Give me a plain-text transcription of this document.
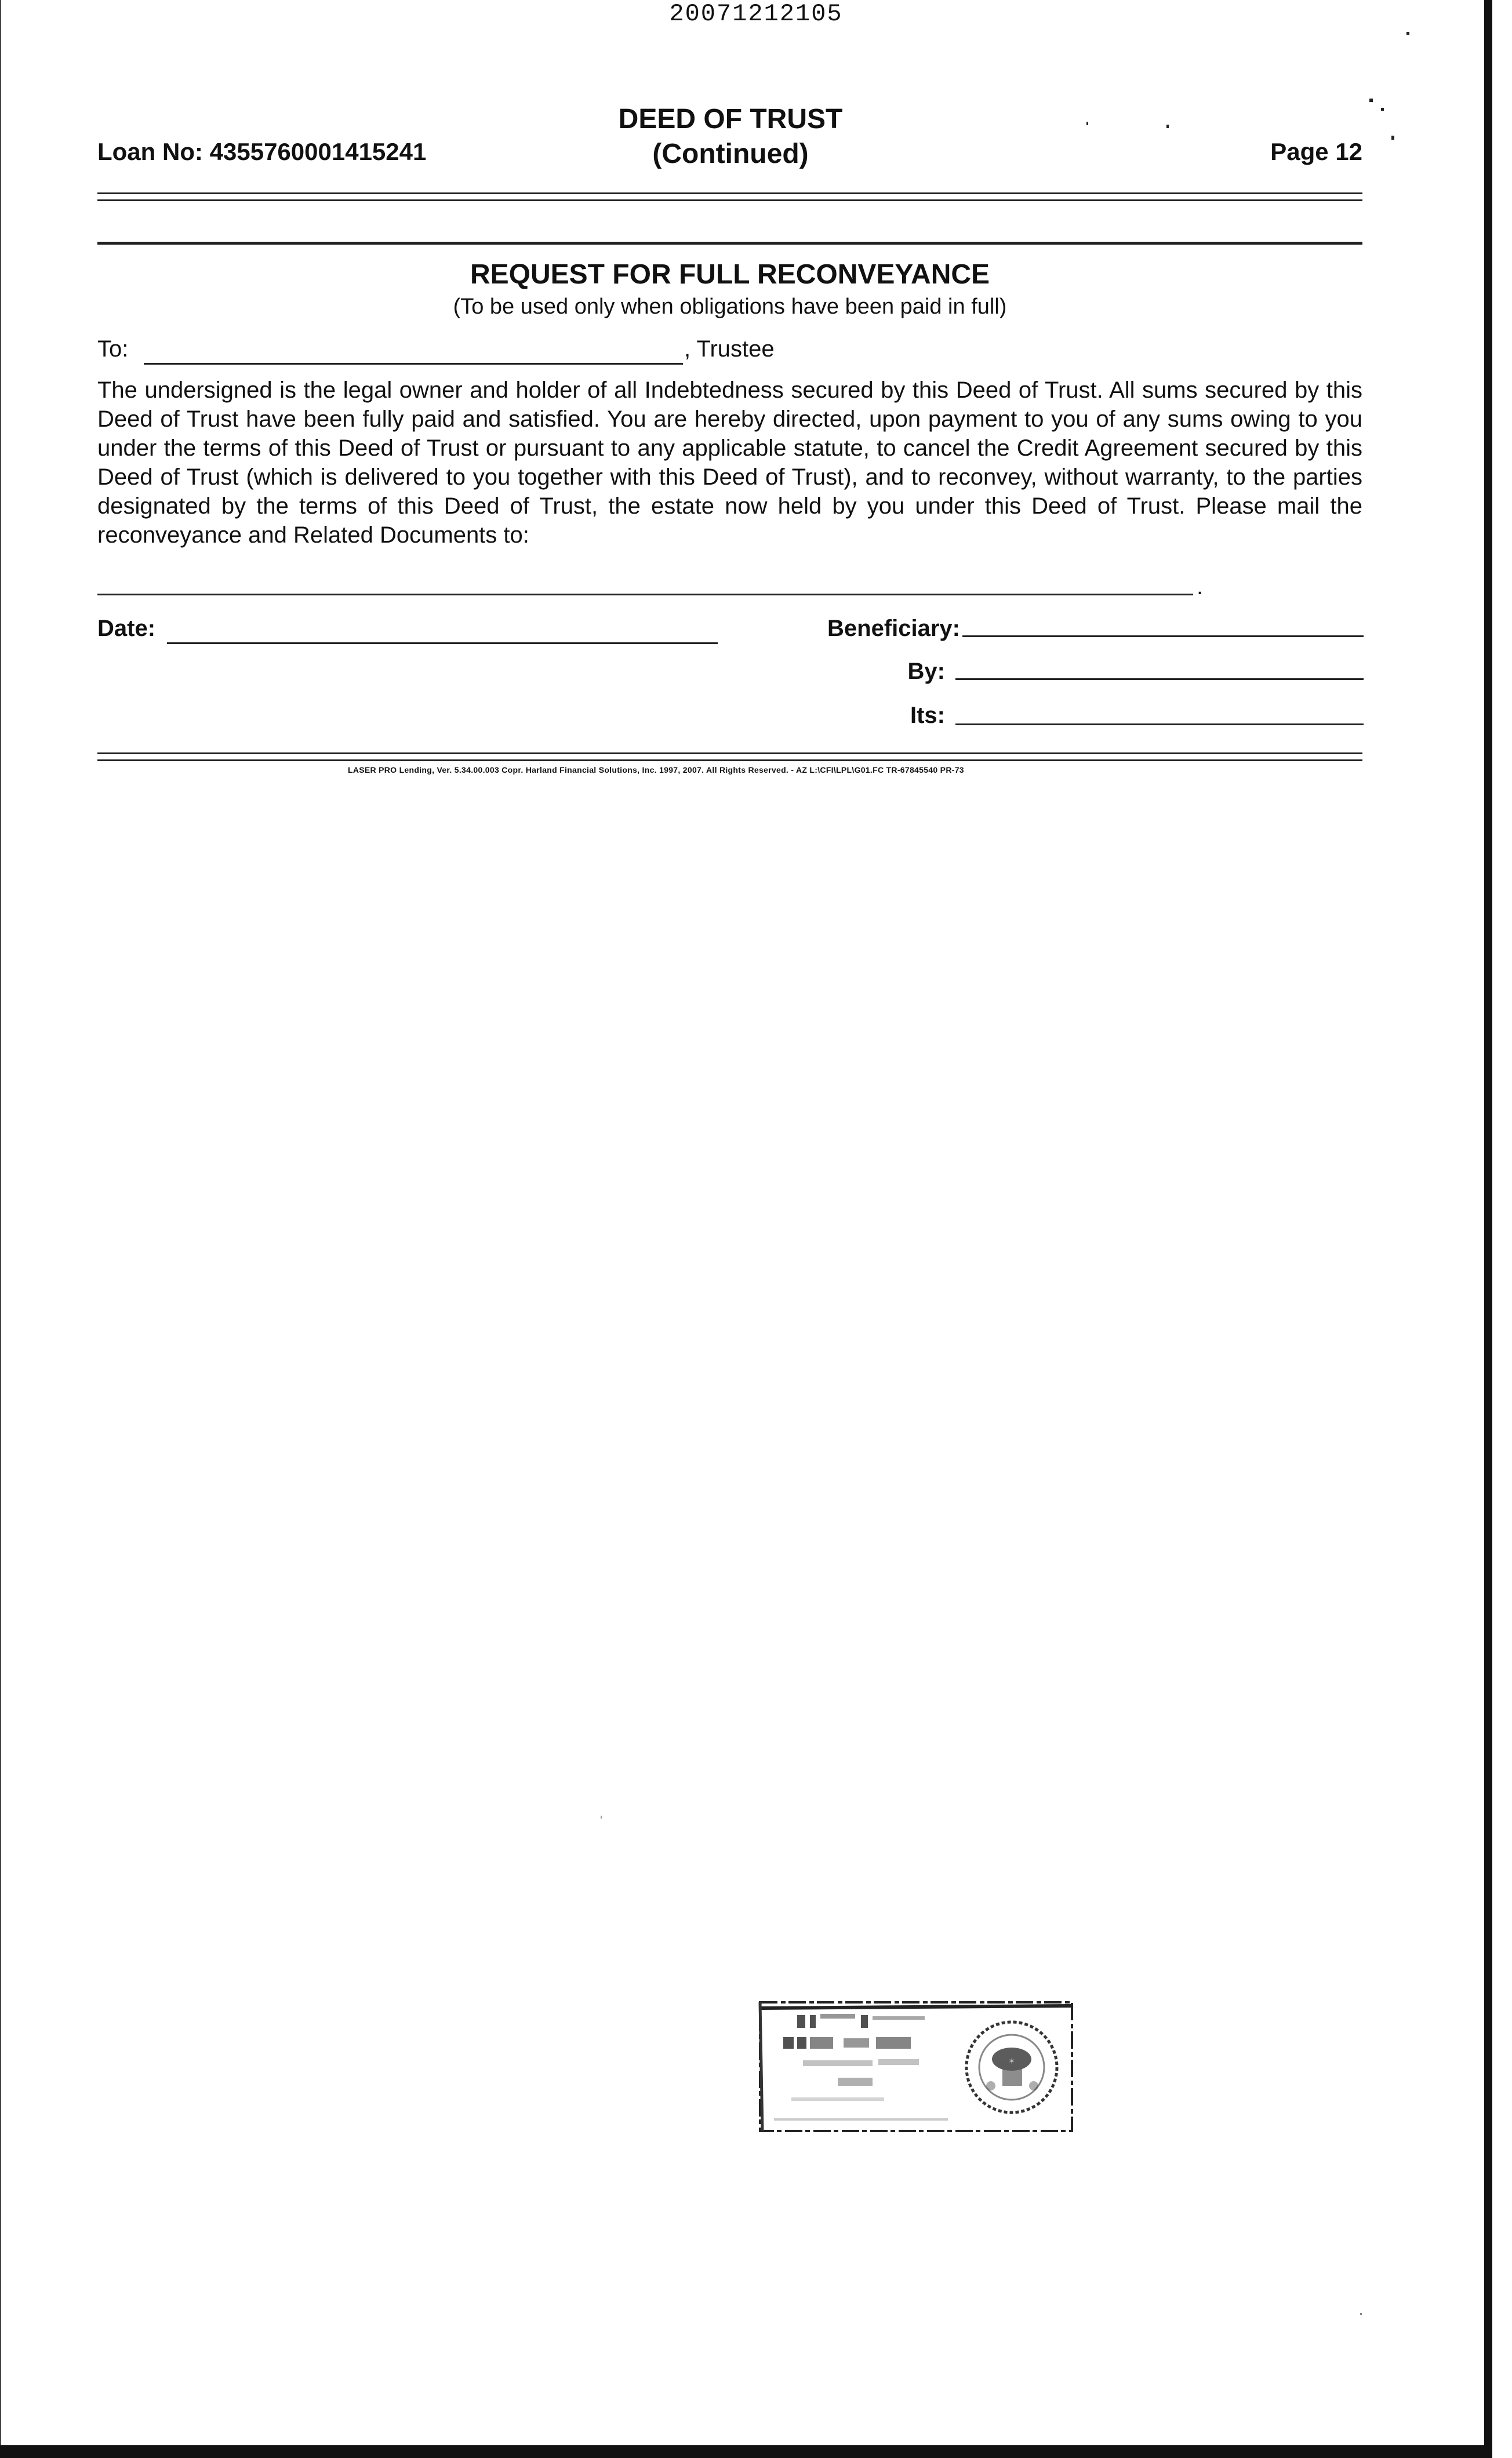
20071212105
Loan No: 4355760001415241
DEED OF TRUST
(Continued)	Page 12
REQUEST FOR FULL RECONVEYANCE
(To be used only when obligations have been paid in full)
To:	, Trustee
The undersigned is the legal owner and holder of all Indebtedness secured by this Deed of Trust. All sums secured by this Deed of Trust have been fully paid and satisfied. You are hereby directed, upon payment to you of any sums owing to you under the terms of this Deed of Trust or pursuant to any applicable statute, to cancel the Credit Agreement secured by this Deed of Trust (which is delivered to you together with this Deed of Trust), and to reconvey, without warranty, to the parties designated by the terms of this Deed of Trust, the estate now held by you under this Deed of Trust. Please mail the reconveyance and Related Documents to:
.
Date:	Beneficiary:
By:
Its:
LASER PRO Lending, Ver. 5.34.00.003 Copr. Harland Financial Solutions, Inc. 1997, 2007. All Rights Reserved. - AZ L:\CFI\LPL\G01.FC TR-67845540 PR-73
✶
